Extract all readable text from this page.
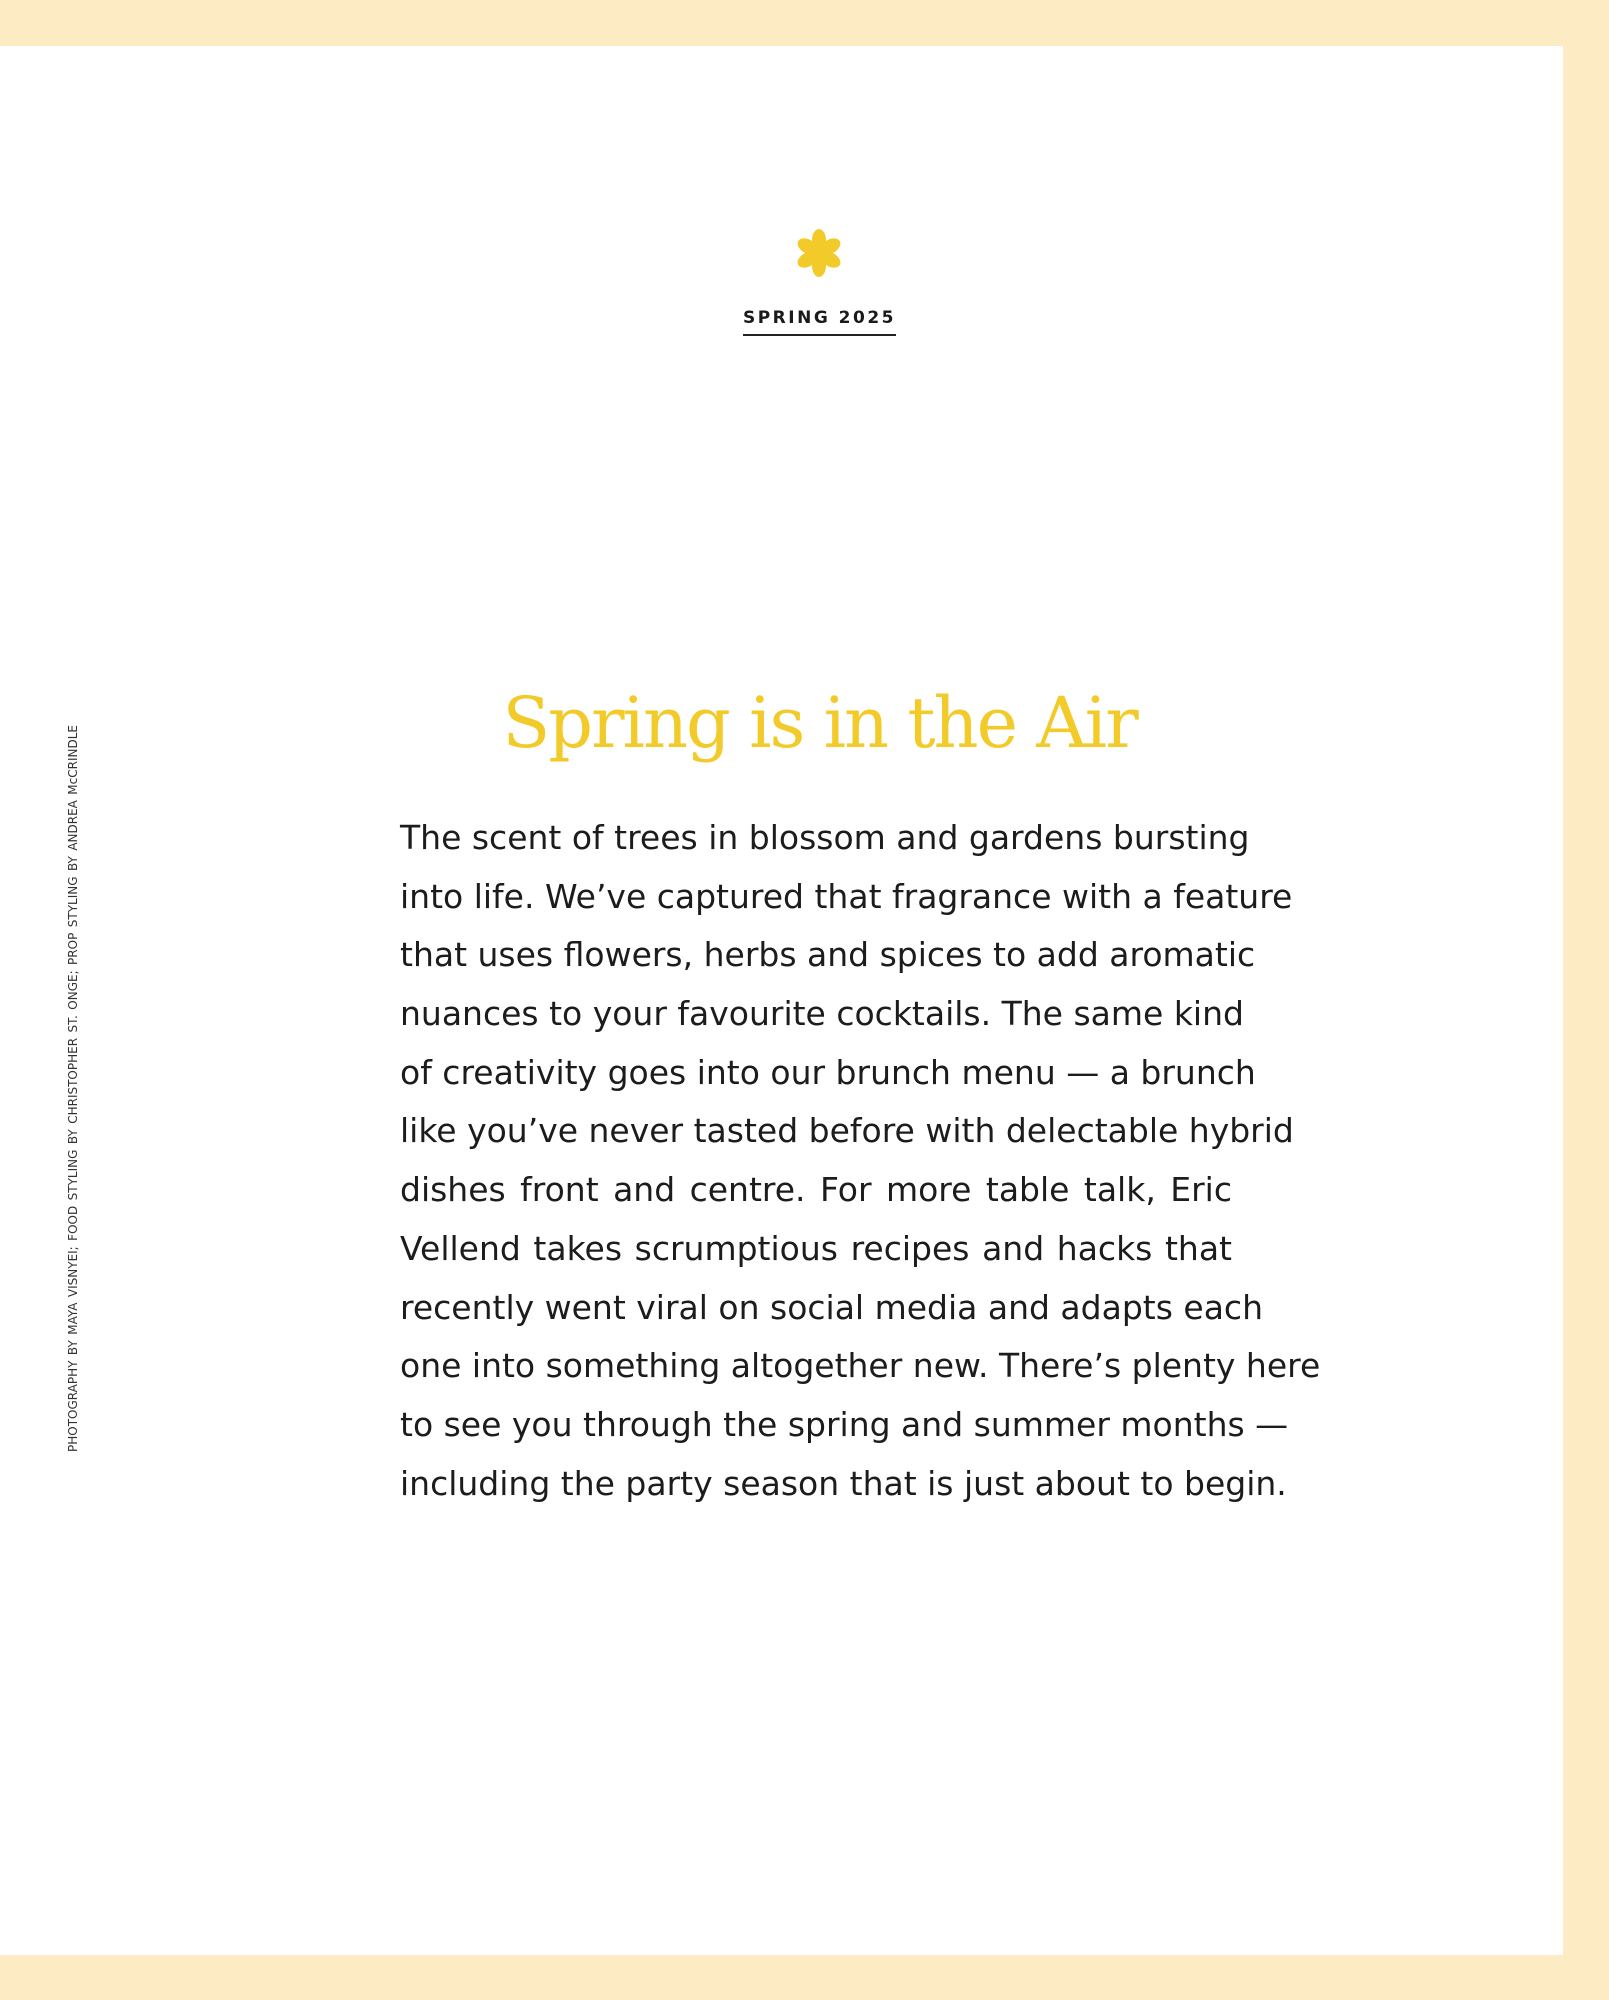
SPRING 2025
Spring is in the Air
The scent of trees in blossom and gardens bursting
into life. We’ve captured that fragrance with a feature
that uses flowers, herbs and spices to add aromatic
nuances to your favourite cocktails. The same kind
of creativity goes into our brunch menu — a brunch
like you’ve never tasted before with delectable hybrid
dishes front and centre. For more table talk, Eric
Vellend takes scrumptious recipes and hacks that
recently went viral on social media and adapts each
one into something altogether new. There’s plenty here
to see you through the spring and summer months —
including the party season that is just about to begin.
PHOTOGRAPHY BY MAYA VISNYEI; FOOD STYLING BY CHRISTOPHER ST. ONGE; PROP STYLING BY ANDREA McCRINDLE
